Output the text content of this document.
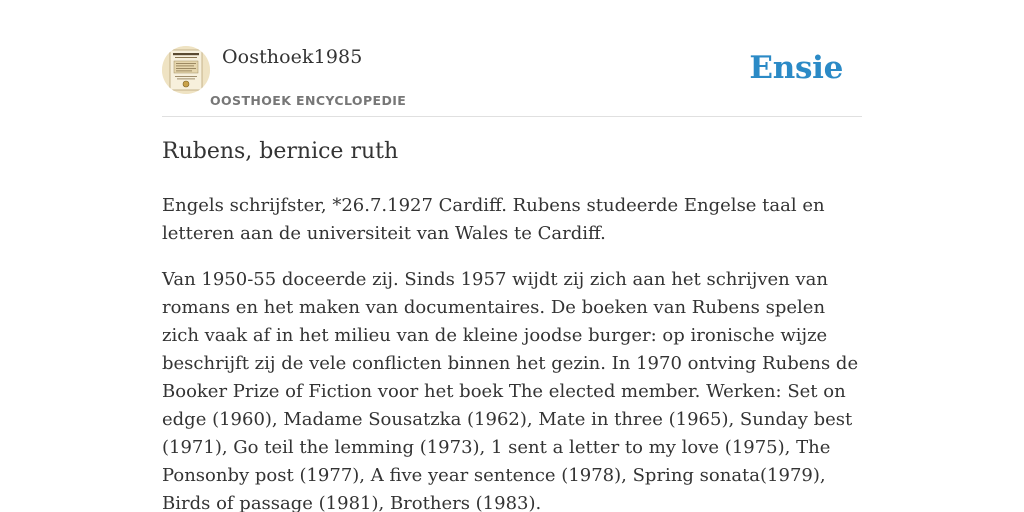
Oosthoek1985
OOSTHOEK ENCYCLOPEDIE
Ensie
Rubens, bernice ruth

Engels schrijfster, *26.7.1927 Cardiff. Rubens studeerde Engelse taal en letteren aan de universiteit van Wales te Cardiff.

Van 1950-55 doceerde zij. Sinds 1957 wijdt zij zich aan het schrijven van romans en het maken van documentaires. De boeken van Rubens spelen zich vaak af in het milieu van de kleine joodse burger: op ironische wijze beschrijft zij de vele conflicten binnen het gezin. In 1970 ontving Rubens de Booker Prize of Fiction voor het boek The elected member. Werken: Set on edge (1960), Madame Sousatzka (1962), Mate in three (1965), Sunday best (1971), Go teil the lemming (1973), 1 sent a letter to my love (1975), The Ponsonby post (1977), A five year sentence (1978), Spring sonata(1979), Birds of passage (1981), Brothers (1983).
